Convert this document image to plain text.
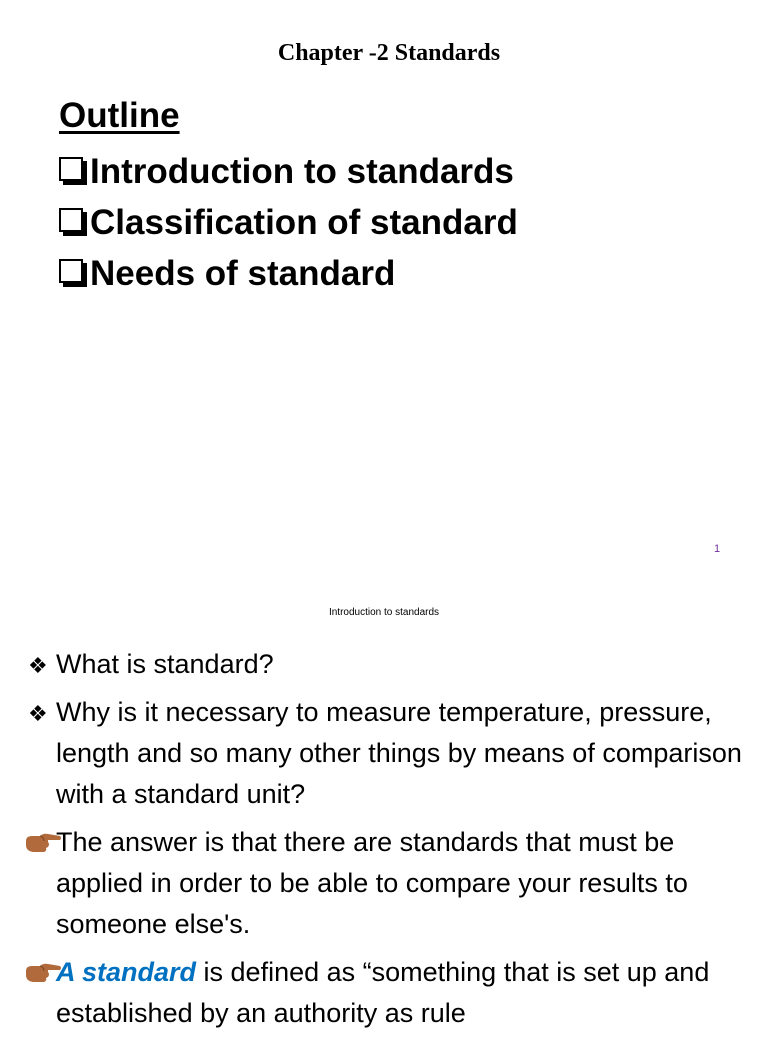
Chapter -2 Standards
Outline
Introduction to standards
Classification of standard
Needs of standard
1
Introduction to standards
❖ What is standard?
❖ Why is it necessary to measure temperature, pressure, length and so many other things by means of comparison with a standard unit?
The answer is that there are standards that must be applied in order to be able to compare your results to someone else's.
A standard is defined as “something that is set up and established by an authority as rule
